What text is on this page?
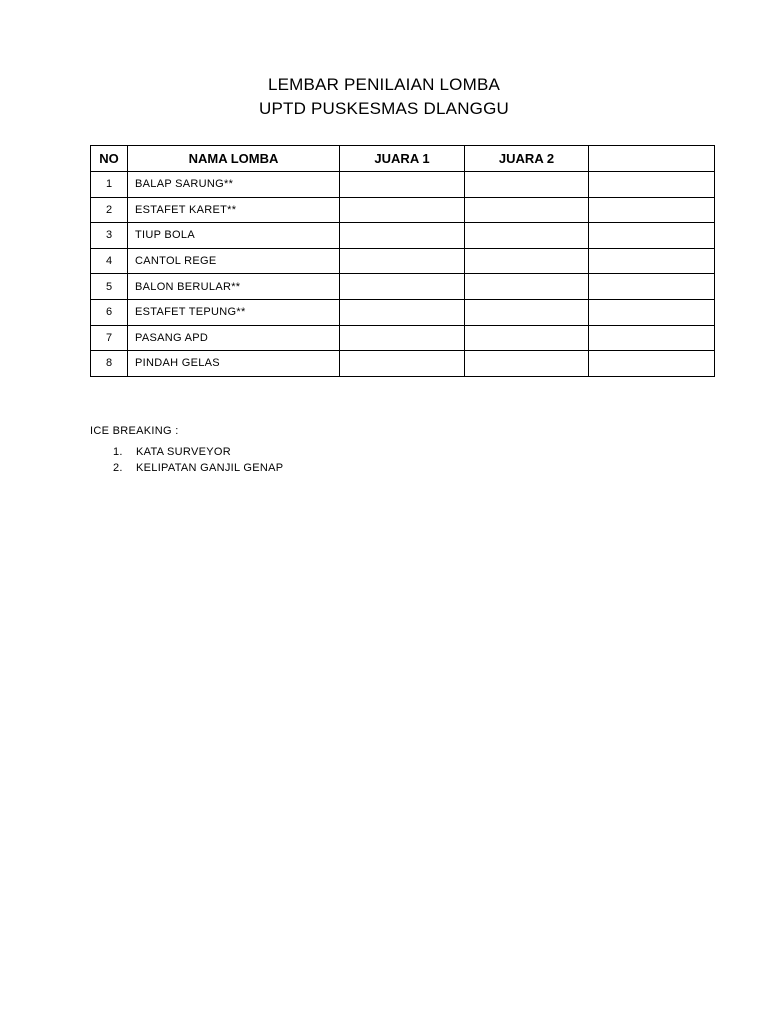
LEMBAR PENILAIAN LOMBA
UPTD PUSKESMAS DLANGGU
NO	NAMA LOMBA	JUARA 1	JUARA 2	
1	BALAP SARUNG**			
2	ESTAFET KARET**			
3	TIUP BOLA			
4	CANTOL REGE			
5	BALON BERULAR**			
6	ESTAFET TEPUNG**			
7	PASANG APD			
8	PINDAH GELAS			
ICE BREAKING :
1. KATA SURVEYOR
2. KELIPATAN GANJIL GENAP
